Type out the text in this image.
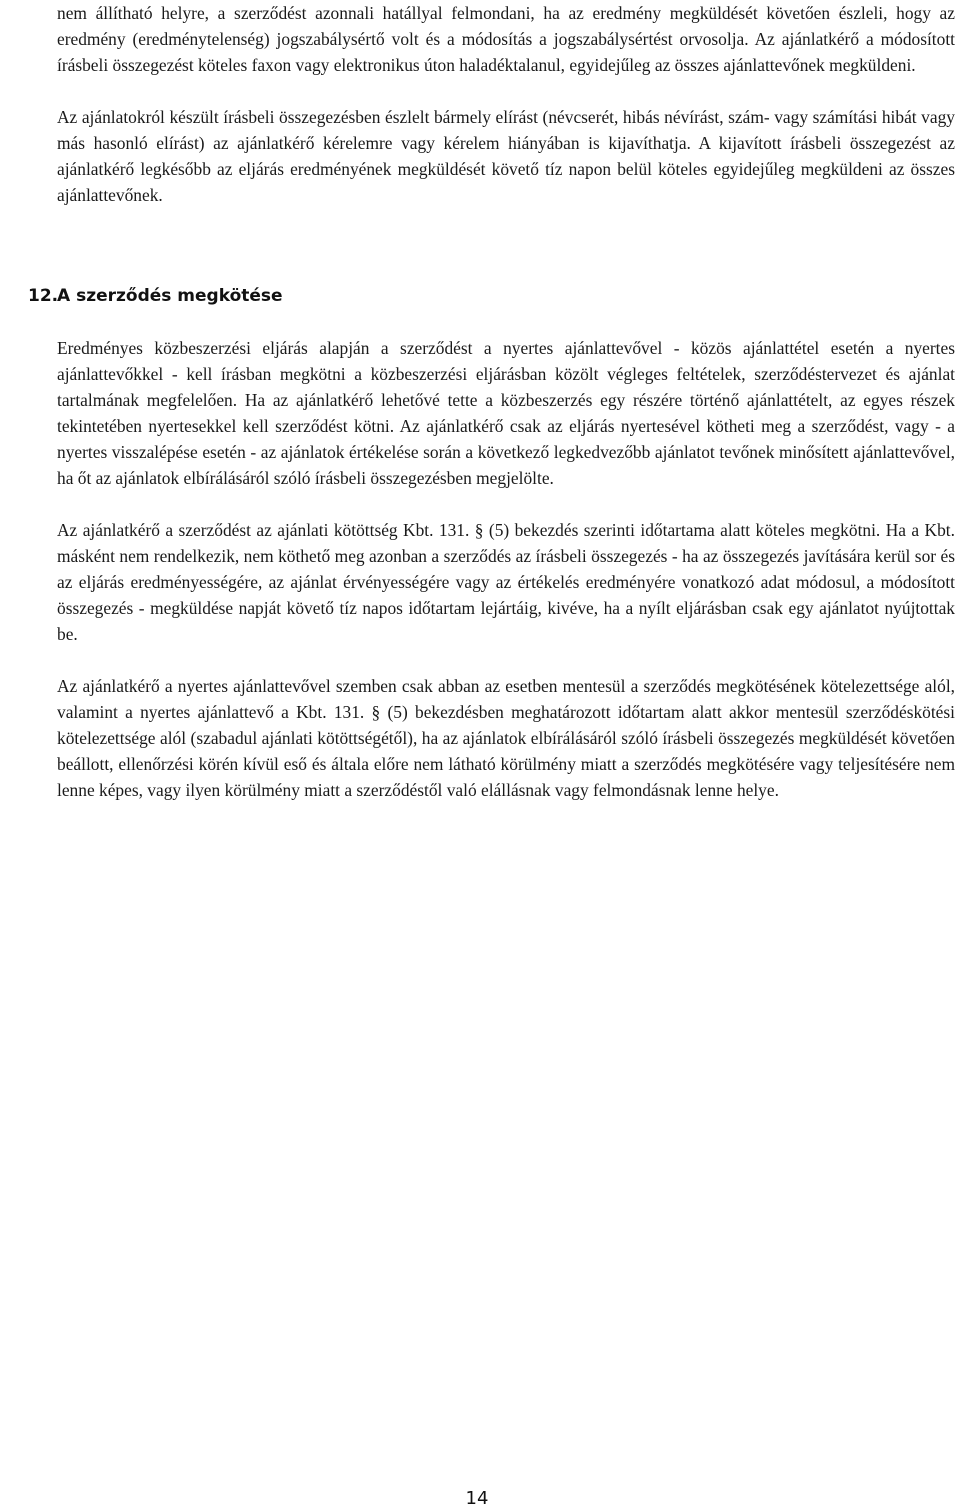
nem állítható helyre, a szerződést azonnali hatállyal felmondani, ha az eredmény megküldését követően észleli, hogy az eredmény (eredménytelenség) jogszabálysértő volt és a módosítás a jogszabálysértést orvosolja. Az ajánlatkérő a módosított írásbeli összegezést köteles faxon vagy elektronikus úton haladéktalanul, egyidejűleg az összes ajánlattevőnek megküldeni.

Az ajánlatokról készült írásbeli összegezésben észlelt bármely elírást (névcserét, hibás névírást, szám- vagy számítási hibát vagy más hasonló elírást) az ajánlatkérő kérelemre vagy kérelem hiányában is kijavíthatja. A kijavított írásbeli összegezést az ajánlatkérő legkésőbb az eljárás eredményének megküldését követő tíz napon belül köteles egyidejűleg megküldeni az összes ajánlattevőnek.

12.
A szerződés megkötése

Eredményes közbeszerzési eljárás alapján a szerződést a nyertes ajánlattevővel - közös ajánlattétel esetén a nyertes ajánlattevőkkel - kell írásban megkötni a közbeszerzési eljárásban közölt végleges feltételek, szerződéstervezet és ajánlat tartalmának megfelelően. Ha az ajánlatkérő lehetővé tette a közbeszerzés egy részére történő ajánlattételt, az egyes részek tekintetében nyertesekkel kell szerződést kötni. Az ajánlatkérő csak az eljárás nyertesével kötheti meg a szerződést, vagy - a nyertes visszalépése esetén - az ajánlatok értékelése során a következő legkedvezőbb ajánlatot tevőnek minősített ajánlattevővel, ha őt az ajánlatok elbírálásáról szóló írásbeli összegezésben megjelölte.

Az ajánlatkérő a szerződést az ajánlati kötöttség Kbt. 131. § (5) bekezdés szerinti időtartama alatt köteles megkötni. Ha a Kbt. másként nem rendelkezik, nem köthető meg azonban a szerződés az írásbeli összegezés - ha az összegezés javítására kerül sor és az eljárás eredményességére, az ajánlat érvényességére vagy az értékelés eredményére vonatkozó adat módosul, a módosított összegezés - megküldése napját követő tíz napos időtartam lejártáig, kivéve, ha a nyílt eljárásban csak egy ajánlatot nyújtottak be.

Az ajánlatkérő a nyertes ajánlattevővel szemben csak abban az esetben mentesül a szerződés megkötésének kötelezettsége alól, valamint a nyertes ajánlattevő a Kbt. 131. § (5) bekezdésben meghatározott időtartam alatt akkor mentesül szerződéskötési kötelezettsége alól (szabadul ajánlati kötöttségétől), ha az ajánlatok elbírálásáról szóló írásbeli összegezés megküldését követően beállott, ellenőrzési körén kívül eső és általa előre nem látható körülmény miatt a szerződés megkötésére vagy teljesítésére nem lenne képes, vagy ilyen körülmény miatt a szerződéstől való elállásnak vagy felmondásnak lenne helye.

14
